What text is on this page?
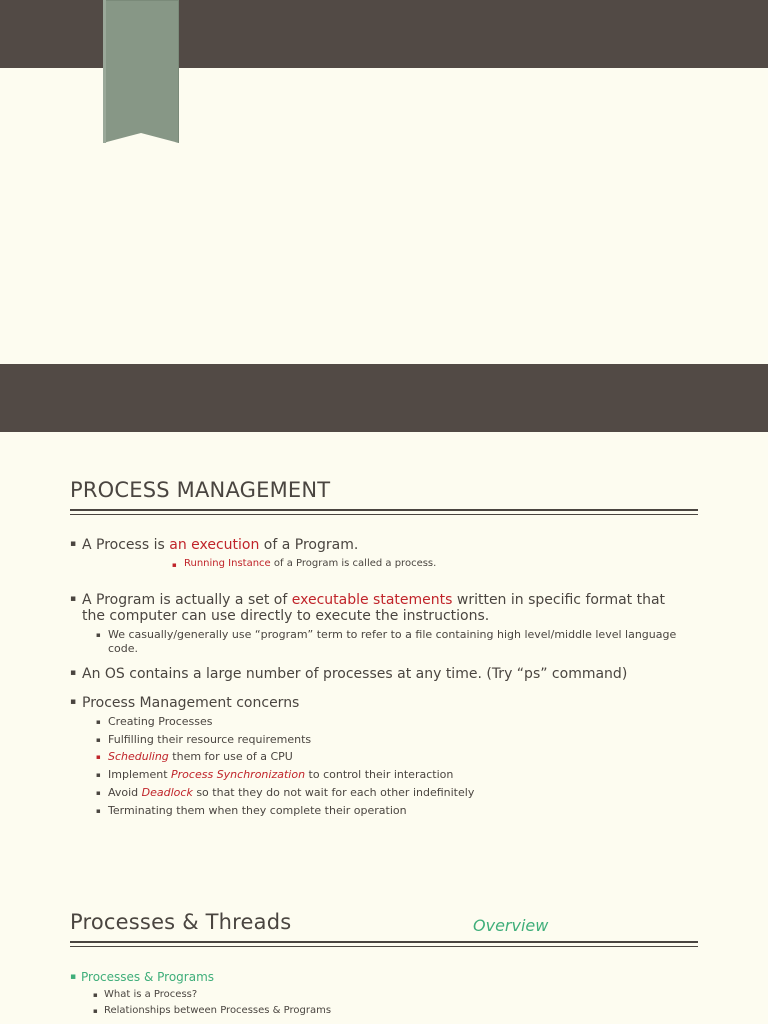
PROCESS MANAGEMENT
▪ A Process is an execution of a Program.
▪ Running Instance of a Program is called a process.
▪ A Program is actually a set of executable statements written in specific format that
the computer can use directly to execute the instructions.
▪ We casually/generally use “program” term to refer to a file containing high level/middle level language
code.
▪ An OS contains a large number of processes at any time. (Try “ps” command)
▪ Process Management concerns
▪ Creating Processes
▪ Fulfilling their resource requirements
▪ Scheduling them for use of a CPU
▪ Implement Process Synchronization to control their interaction
▪ Avoid Deadlock so that they do not wait for each other indefinitely
▪ Terminating them when they complete their operation
Processes & Threads	Overview
▪ Processes & Programs
▪ What is a Process?
▪ Relationships between Processes & Programs
